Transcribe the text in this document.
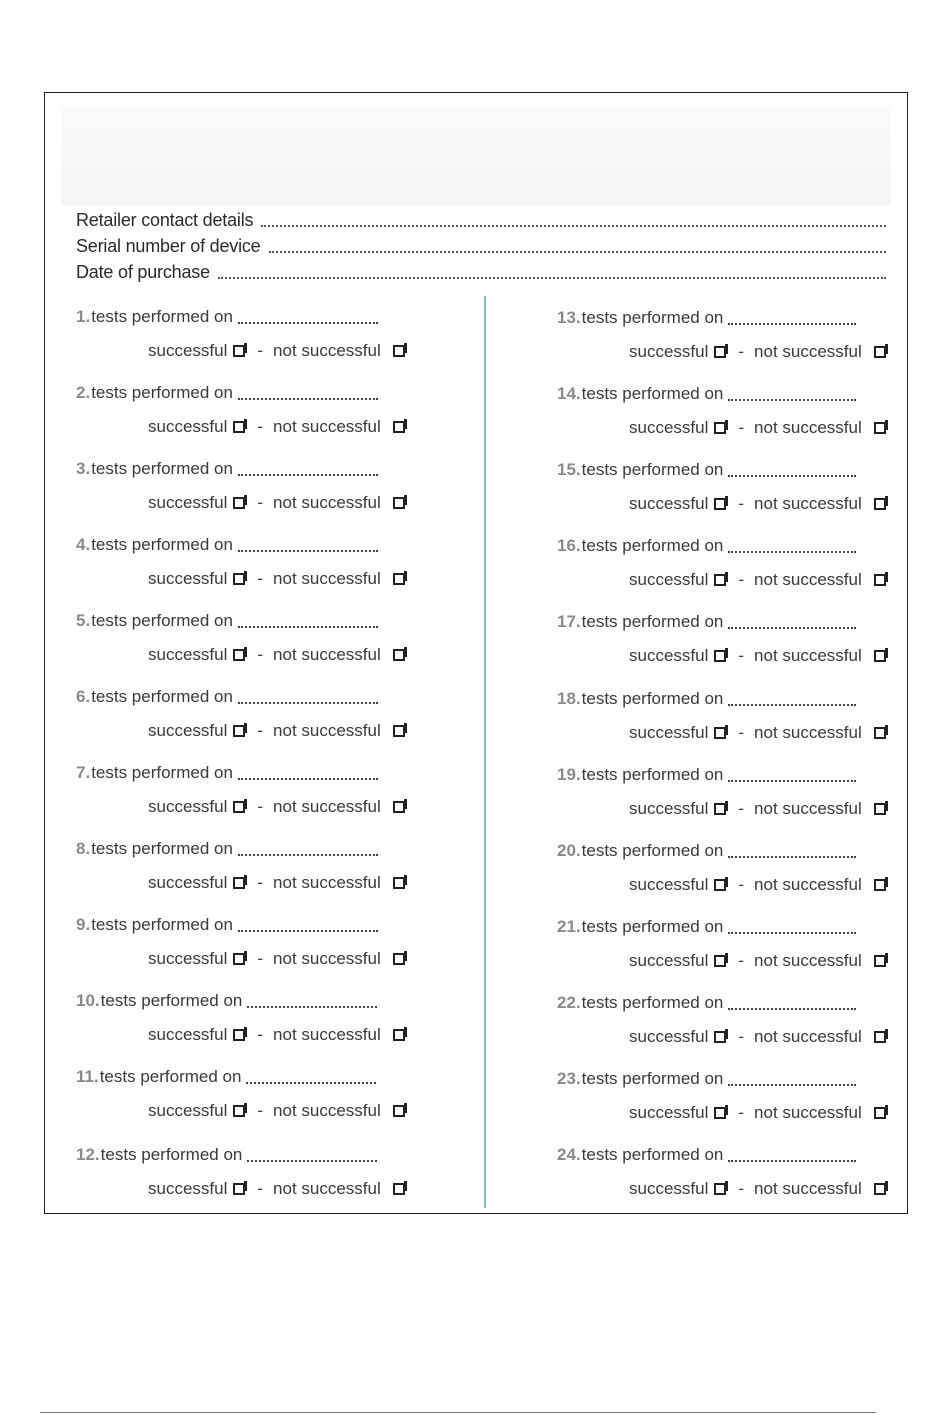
Retailer contact details
Serial number of device
Date of purchase
1. tests performed on
successful - not successful
2. tests performed on
successful - not successful
3. tests performed on
successful - not successful
4. tests performed on
successful - not successful
5. tests performed on
successful - not successful
6. tests performed on
successful - not successful
7. tests performed on
successful - not successful
8. tests performed on
successful - not successful
9. tests performed on
successful - not successful
10. tests performed on
successful - not successful
11. tests performed on
successful - not successful
12. tests performed on
successful - not successful
13. tests performed on
successful - not successful
14. tests performed on
successful - not successful
15. tests performed on
successful - not successful
16. tests performed on
successful - not successful
17. tests performed on
successful - not successful
18. tests performed on
successful - not successful
19. tests performed on
successful - not successful
20. tests performed on
successful - not successful
21. tests performed on
successful - not successful
22. tests performed on
successful - not successful
23. tests performed on
successful - not successful
24. tests performed on
successful - not successful
